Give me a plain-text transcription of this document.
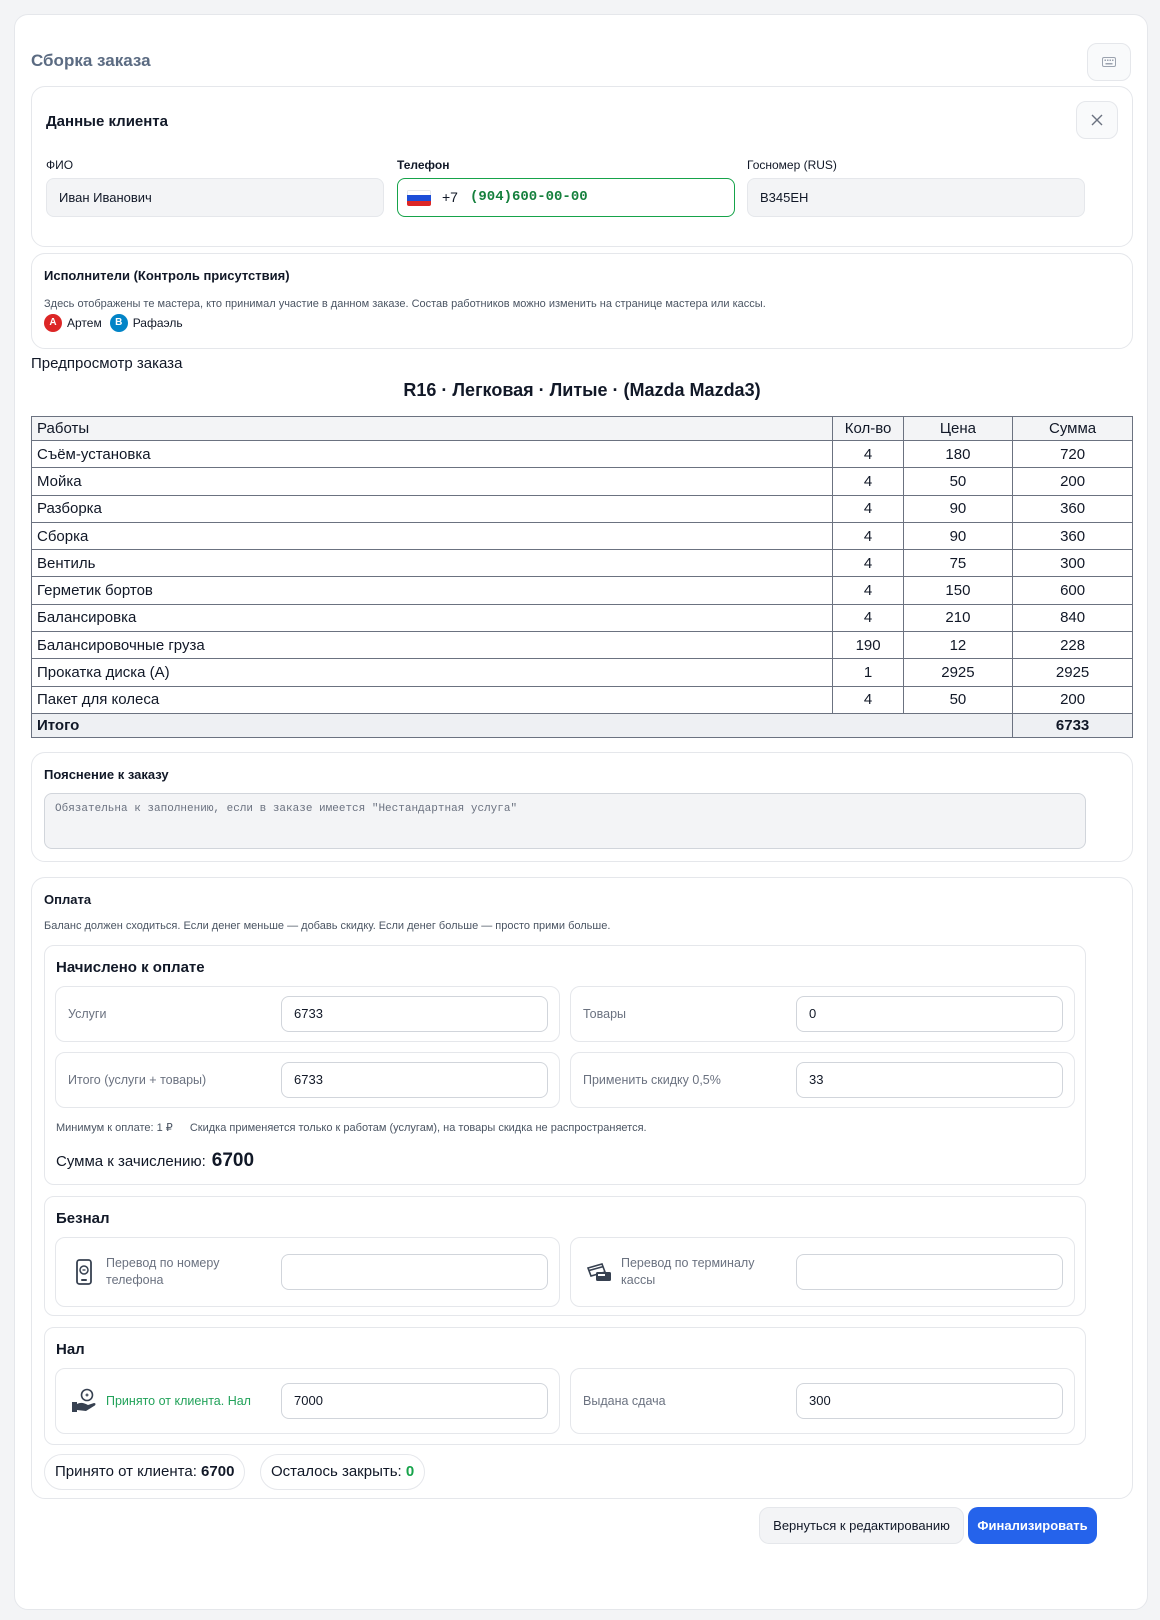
Сборка заказа
Данные клиента
ФИО
Иван Иванович
Телефон
+7 (904)600-00-00
Госномер (RUS)
В345ЕН
Исполнители (Контроль присутствия)
Здесь отображены те мастера, кто принимал участие в данном заказе. Состав работников можно изменить на странице мастера или кассы.
A Артем	B Рафаэль
Предпросмотр заказа
R16 · Легковая · Литые · (Mazda Mazda3)
Работы	Кол-во	Цена	Сумма
Съём-установка	4	180	720
Мойка	4	50	200
Разборка	4	90	360
Сборка	4	90	360
Вентиль	4	75	300
Герметик бортов	4	150	600
Балансировка	4	210	840
Балансировочные груза	190	12	228
Прокатка диска (А)	1	2925	2925
Пакет для колеса	4	50	200
Итого			6733
Пояснение к заказу
Обязательна к заполнению, если в заказе имеется "Нестандартная услуга"
Оплата
Баланс должен сходиться. Если денег меньше — добавь скидку. Если денег больше — просто прими больше.
Начислено к оплате
Услуги	6733	Товары	0
Итого (услуги + товары)	6733	Применить скидку 0,5%	33
Минимум к оплате: 1 ₽ Скидка применяется только к работам (услугам), на товары скидка не распространяется.
Сумма к зачислению: 6700
Безнал
Перевод по номеру телефона
Перевод по терминалу кассы
Нал
Принято от клиента. Нал	7000	Выдана сдача	300
Принято от клиента: 6700	Осталось закрыть: 0
Вернуться к редактированию	Финализировать
